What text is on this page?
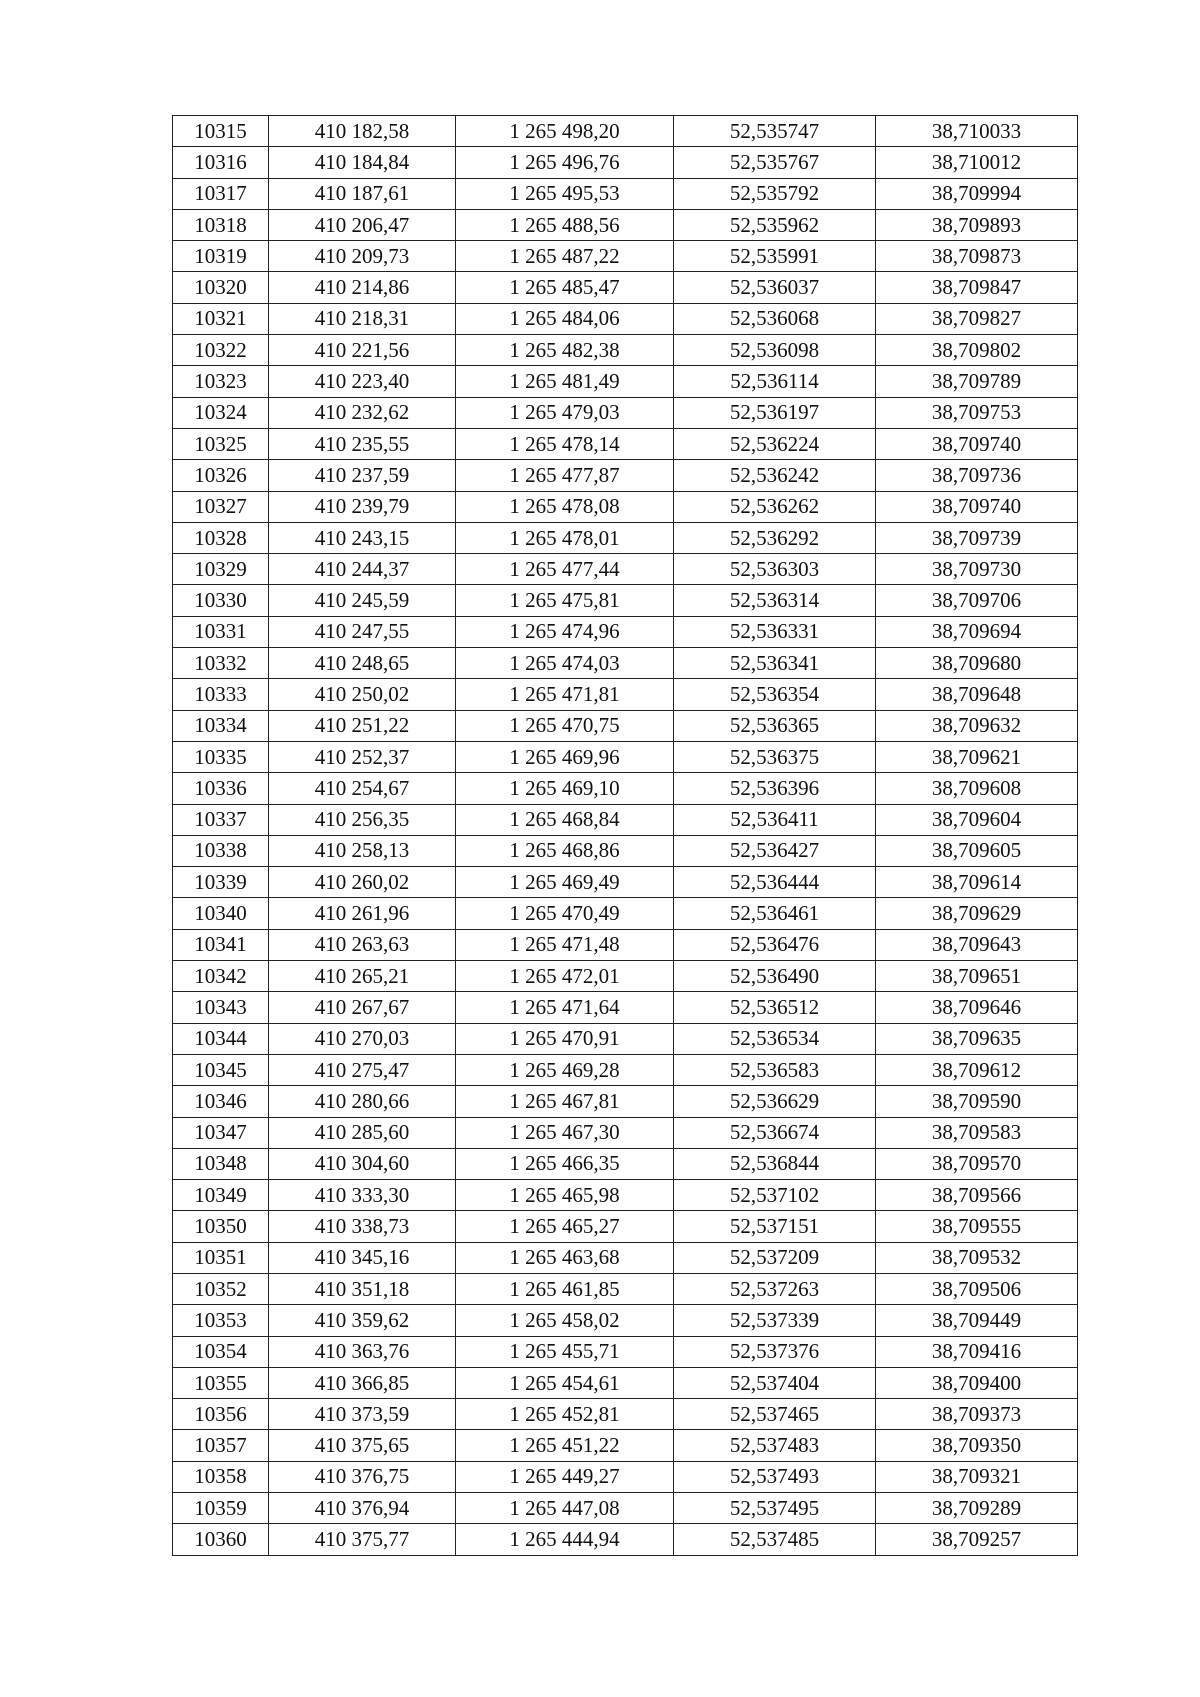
10315	410 182,58	1 265 498,20	52,535747	38,710033
10316	410 184,84	1 265 496,76	52,535767	38,710012
10317	410 187,61	1 265 495,53	52,535792	38,709994
10318	410 206,47	1 265 488,56	52,535962	38,709893
10319	410 209,73	1 265 487,22	52,535991	38,709873
10320	410 214,86	1 265 485,47	52,536037	38,709847
10321	410 218,31	1 265 484,06	52,536068	38,709827
10322	410 221,56	1 265 482,38	52,536098	38,709802
10323	410 223,40	1 265 481,49	52,536114	38,709789
10324	410 232,62	1 265 479,03	52,536197	38,709753
10325	410 235,55	1 265 478,14	52,536224	38,709740
10326	410 237,59	1 265 477,87	52,536242	38,709736
10327	410 239,79	1 265 478,08	52,536262	38,709740
10328	410 243,15	1 265 478,01	52,536292	38,709739
10329	410 244,37	1 265 477,44	52,536303	38,709730
10330	410 245,59	1 265 475,81	52,536314	38,709706
10331	410 247,55	1 265 474,96	52,536331	38,709694
10332	410 248,65	1 265 474,03	52,536341	38,709680
10333	410 250,02	1 265 471,81	52,536354	38,709648
10334	410 251,22	1 265 470,75	52,536365	38,709632
10335	410 252,37	1 265 469,96	52,536375	38,709621
10336	410 254,67	1 265 469,10	52,536396	38,709608
10337	410 256,35	1 265 468,84	52,536411	38,709604
10338	410 258,13	1 265 468,86	52,536427	38,709605
10339	410 260,02	1 265 469,49	52,536444	38,709614
10340	410 261,96	1 265 470,49	52,536461	38,709629
10341	410 263,63	1 265 471,48	52,536476	38,709643
10342	410 265,21	1 265 472,01	52,536490	38,709651
10343	410 267,67	1 265 471,64	52,536512	38,709646
10344	410 270,03	1 265 470,91	52,536534	38,709635
10345	410 275,47	1 265 469,28	52,536583	38,709612
10346	410 280,66	1 265 467,81	52,536629	38,709590
10347	410 285,60	1 265 467,30	52,536674	38,709583
10348	410 304,60	1 265 466,35	52,536844	38,709570
10349	410 333,30	1 265 465,98	52,537102	38,709566
10350	410 338,73	1 265 465,27	52,537151	38,709555
10351	410 345,16	1 265 463,68	52,537209	38,709532
10352	410 351,18	1 265 461,85	52,537263	38,709506
10353	410 359,62	1 265 458,02	52,537339	38,709449
10354	410 363,76	1 265 455,71	52,537376	38,709416
10355	410 366,85	1 265 454,61	52,537404	38,709400
10356	410 373,59	1 265 452,81	52,537465	38,709373
10357	410 375,65	1 265 451,22	52,537483	38,709350
10358	410 376,75	1 265 449,27	52,537493	38,709321
10359	410 376,94	1 265 447,08	52,537495	38,709289
10360	410 375,77	1 265 444,94	52,537485	38,709257
